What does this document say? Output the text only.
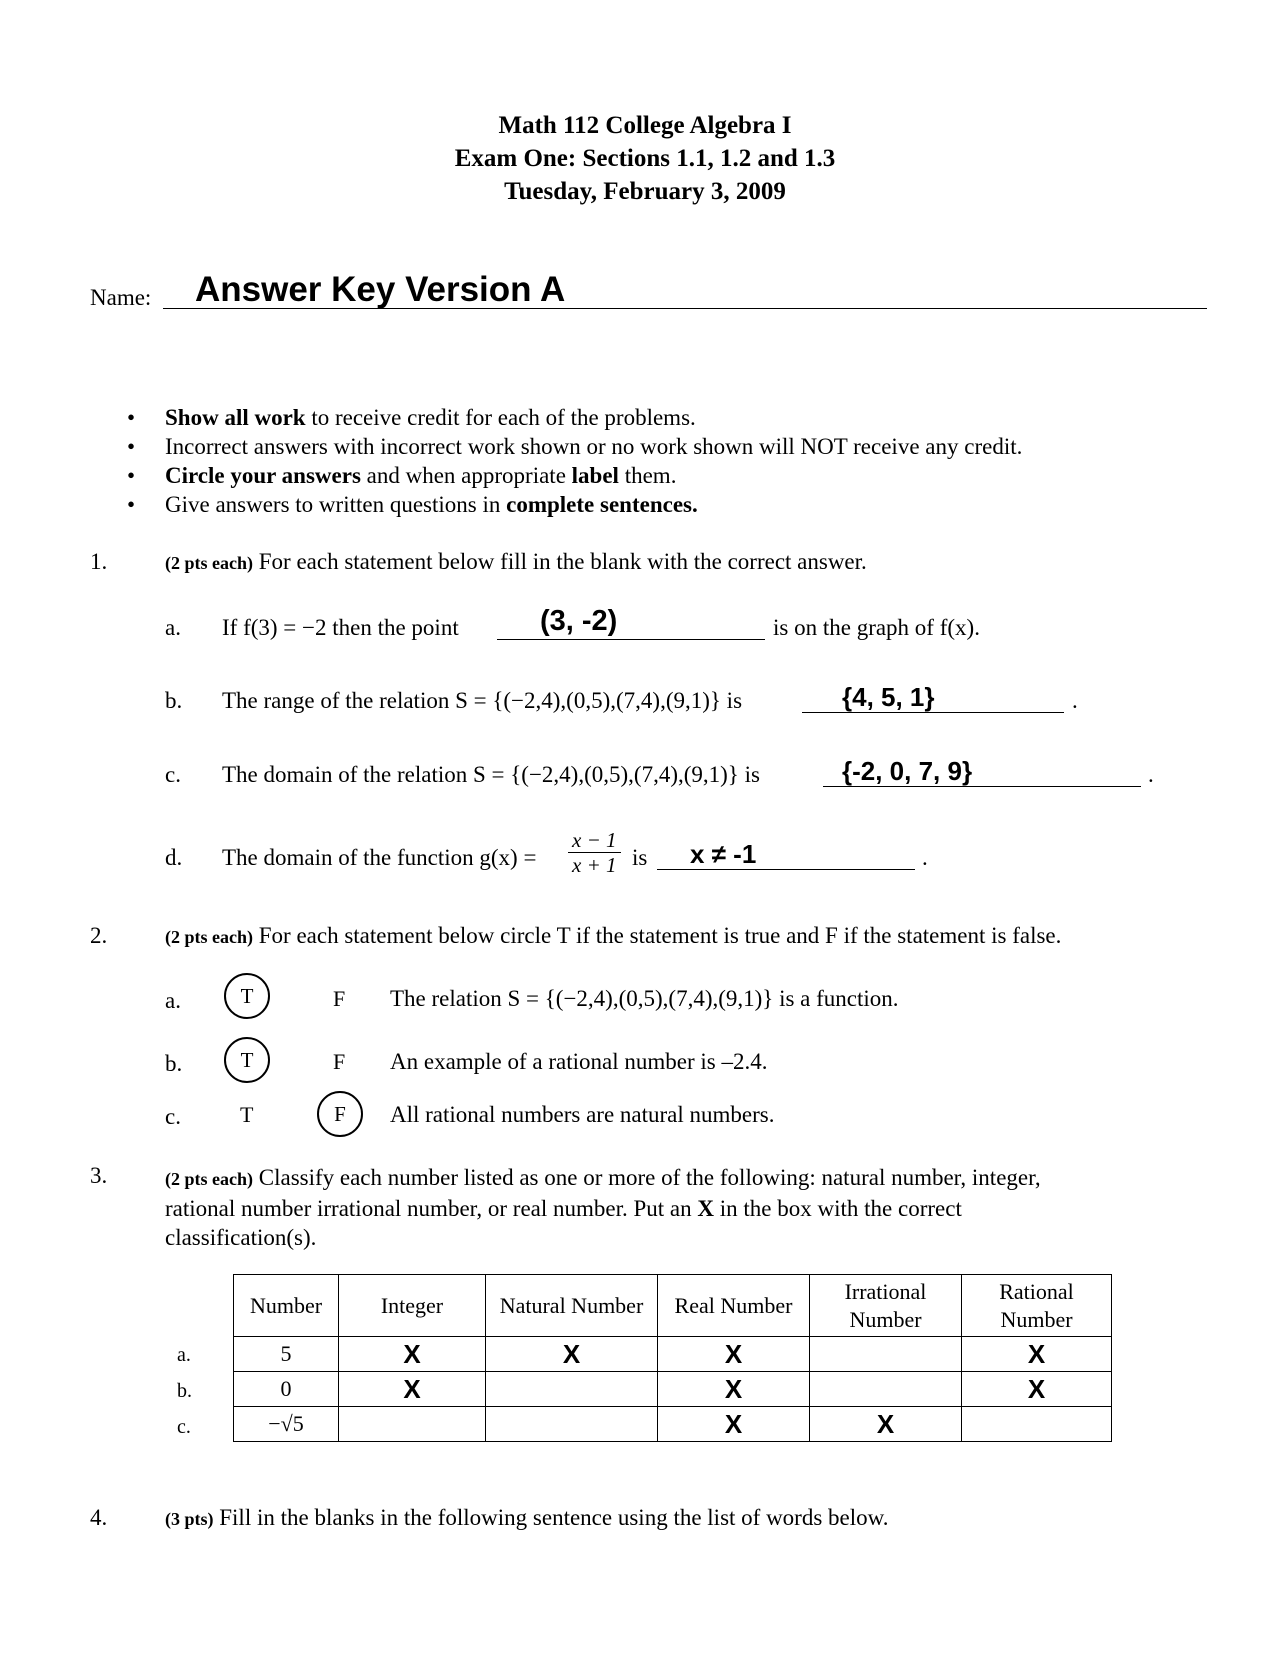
Math 112 College Algebra I
Exam One: Sections 1.1, 1.2 and 1.3
Tuesday, February 3, 2009
Name: Answer Key Version A
• Show all work to receive credit for each of the problems.
• Incorrect answers with incorrect work shown or no work shown will NOT receive any credit.
• Circle your answers and when appropriate label them.
• Give answers to written questions in complete sentences.
1.	(2 pts each) For each statement below fill in the blank with the correct answer.
a. If f(3) = −2 then the point	(3, -2)	is on the graph of f(x).
b. The range of the relation S = {(−2,4),(0,5),(7,4),(9,1)} is	{4, 5, 1}	.
c. The domain of the relation S = {(−2,4),(0,5),(7,4),(9,1)} is	{-2, 0, 7, 9}	.
d. The domain of the function $g(x) = \frac{x - 1}{x + 1}$ is x ≠ -1	.
2.	(2 pts each) For each statement below circle T if the statement is true and F if the statement is false.
a.	T	F The relation S = {(−2,4),(0,5),(7,4),(9,1)} is a function.
b.	T	F An example of a rational number is –2.4.
c.	T	F	All rational numbers are natural numbers.
3.	(2 pts each) Classify each number listed as one or more of the following: natural number, integer,
rational number irrational number, or real number. Put an X in the box with the correct
classification(s).
a.
b.
c.
Number	Integer	Natural Number	Real Number	Irrational Number	Rational Number
5	X	X	X		X
0	X		X		X
−√5			X	X	
4.	(3 pts) Fill in the blanks in the following sentence using the list of words below.
